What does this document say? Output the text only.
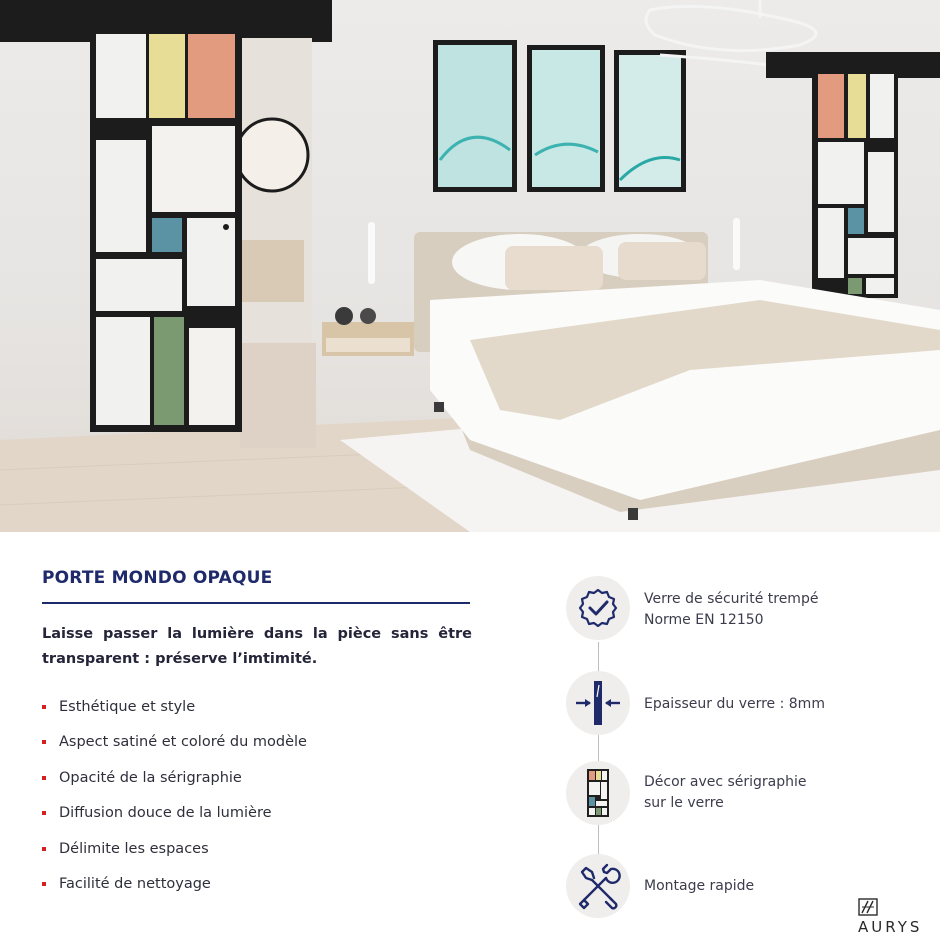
PORTE MONDO OPAQUE
Laisse passer la lumière dans la pièce sans être transparent : préserve l’imtimité.
Esthétique et style
Aspect satiné et coloré du modèle
Opacité de la sérigraphie
Diffusion douce de la lumière
Délimite les espaces
Facilité de nettoyage
Verre de sécurité trempé
Norme EN 12150
Epaisseur du verre : 8mm
Décor avec sérigraphie
sur le verre
Montage rapide
AURYS
